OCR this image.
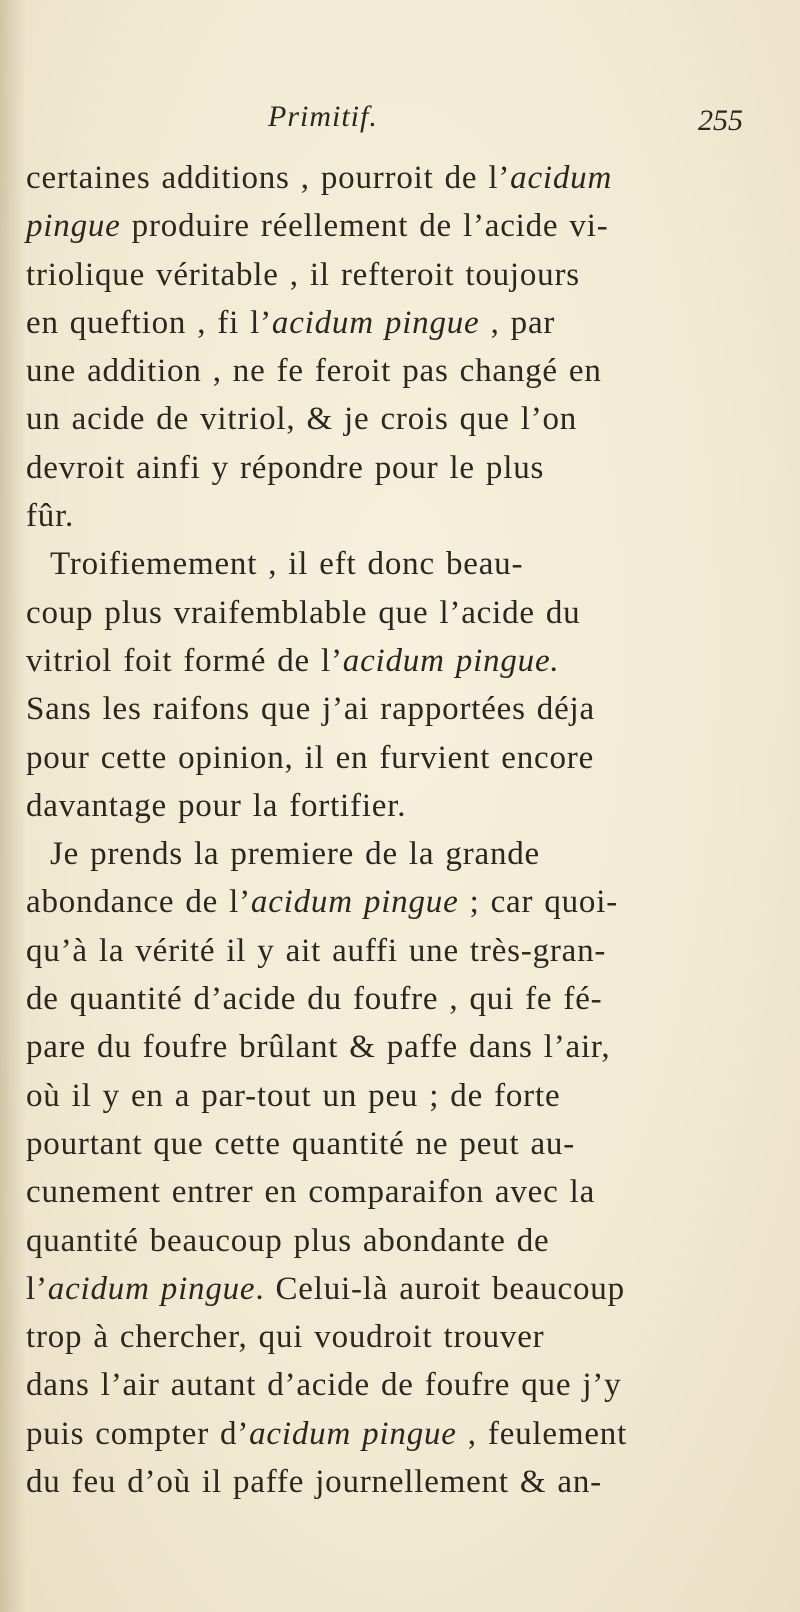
Primitif.	255
certaines additions , pourroit de l’acidum
pingue produire réellement de l’acide vi-
triolique véritable , il refteroit toujours
en queftion , fi l’acidum pingue , par
une addition , ne fe feroit pas changé en
un acide de vitriol, & je crois que l’on
devroit ainfi y répondre pour le plus
fûr.
Troifiemement , il eft donc beau-
coup plus vraifemblable que l’acide du
vitriol foit formé de l’acidum pingue.
Sans les raifons que j’ai rapportées déja
pour cette opinion, il en furvient encore
davantage pour la fortifier.
Je prends la premiere de la grande
abondance de l’acidum pingue ; car quoi-
qu’à la vérité il y ait auffi une très-gran-
de quantité d’acide du foufre , qui fe fé-
pare du foufre brûlant & paffe dans l’air,
où il y en a par-tout un peu ; de forte
pourtant que cette quantité ne peut au-
cunement entrer en comparaifon avec la
quantité beaucoup plus abondante de
l’acidum pingue. Celui-là auroit beaucoup
trop à chercher, qui voudroit trouver
dans l’air autant d’acide de foufre que j’y
puis compter d’acidum pingue , feulement
du feu d’où il paffe journellement & an-
